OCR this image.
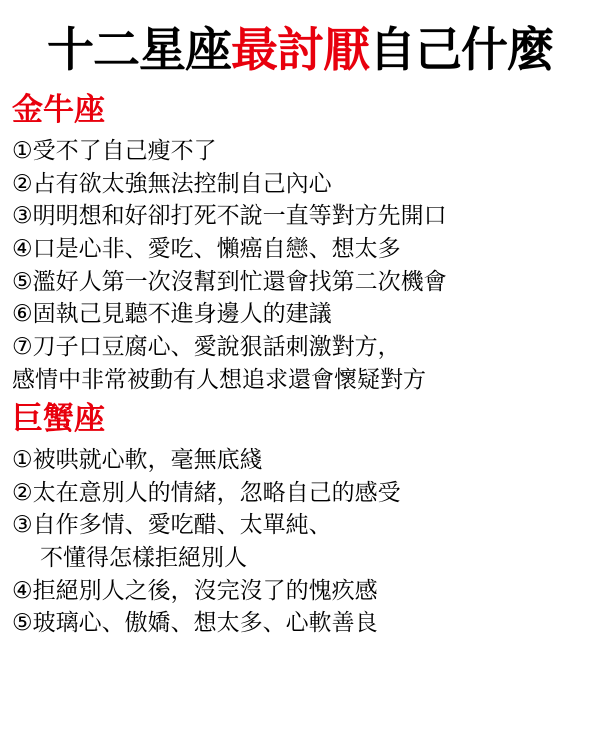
十二星座最討厭自己什麼
金牛座
①受不了自己瘦不了
②占有欲太強無法控制自己內心
③明明想和好卻打死不說一直等對方先開口
④口是心非、愛吃、懶癌自戀、想太多
⑤濫好人第一次沒幫到忙還會找第二次機會
⑥固執己見聽不進身邊人的建議
⑦刀子口豆腐心、愛說狠話刺激對方，
感情中非常被動有人想追求還會懷疑對方
巨蟹座
①被哄就心軟，毫無底綫
②太在意別人的情緒，忽略自己的感受
③自作多情、愛吃醋、太單純、
不懂得怎樣拒絕別人
④拒絕別人之後，沒完沒了的愧疚感
⑤玻璃心、傲嬌、想太多、心軟善良
